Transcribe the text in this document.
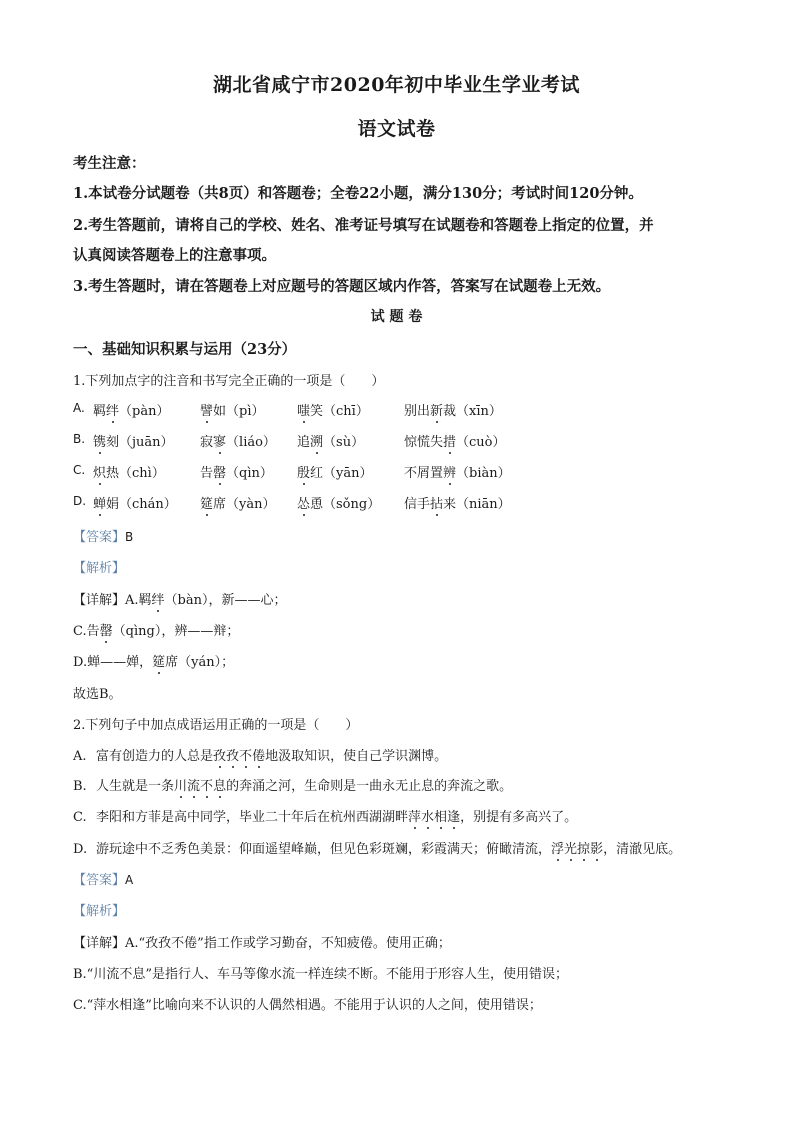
湖北省咸宁市2020年初中毕业生学业考试
语文试卷
考生注意：
1.本试卷分试题卷（共8页）和答题卷；全卷22小题，满分130分；考试时间120分钟。
2.考生答题前，请将自己的学校、姓名、准考证号填写在试题卷和答题卷上指定的位置，并
认真阅读答题卷上的注意事项。
3.考生答题时，请在答题卷上对应题号的答题区域内作答，答案写在试题卷上无效。
试 题 卷
一、基础知识积累与运用（23分）
1.下列加点字的注音和书写完全正确的一项是（　　）
A. 羁绊（pàn） 譬如（pì）	嗤笑（chī）	别出新裁（xīn）
B. 镌刻（juān） 寂寥（liáo） 追溯（sù）	惊慌失措（cuò）
C. 炽热（chì）	告罄（qìn） 殷红（yān） 不屑置辨（biàn）
D. 蝉娟（chán） 筵席（yàn） 怂恿（sǒng） 信手拈来（niān）
【答案】B
【解析】
【详解】A.羁绊（bàn），新——心；
C.告罄（qìng），辨——辩；
D.蝉——婵，筵席（yán）；
故选B。
2.下列句子中加点成语运用正确的一项是（　　）
A. 富有创造力的人总是孜孜不倦地汲取知识，使自己学识渊博。
B. 人生就是一条川流不息的奔涌之河，生命则是一曲永无止息的奔流之歌。
C. 李阳和方菲是高中同学，毕业二十年后在杭州西湖湖畔萍水相逢，别提有多高兴了。
D. 游玩途中不乏秀色美景：仰面遥望峰巅，但见色彩斑斓，彩霞满天；俯瞰清流，浮光掠影，清澈见底。
【答案】A
【解析】
【详解】A.“孜孜不倦”指工作或学习勤奋，不知疲倦。使用正确；
B.“川流不息”是指行人、车马等像水流一样连续不断。不能用于形容人生，使用错误；
C.“萍水相逢”比喻向来不认识的人偶然相遇。不能用于认识的人之间，使用错误；
